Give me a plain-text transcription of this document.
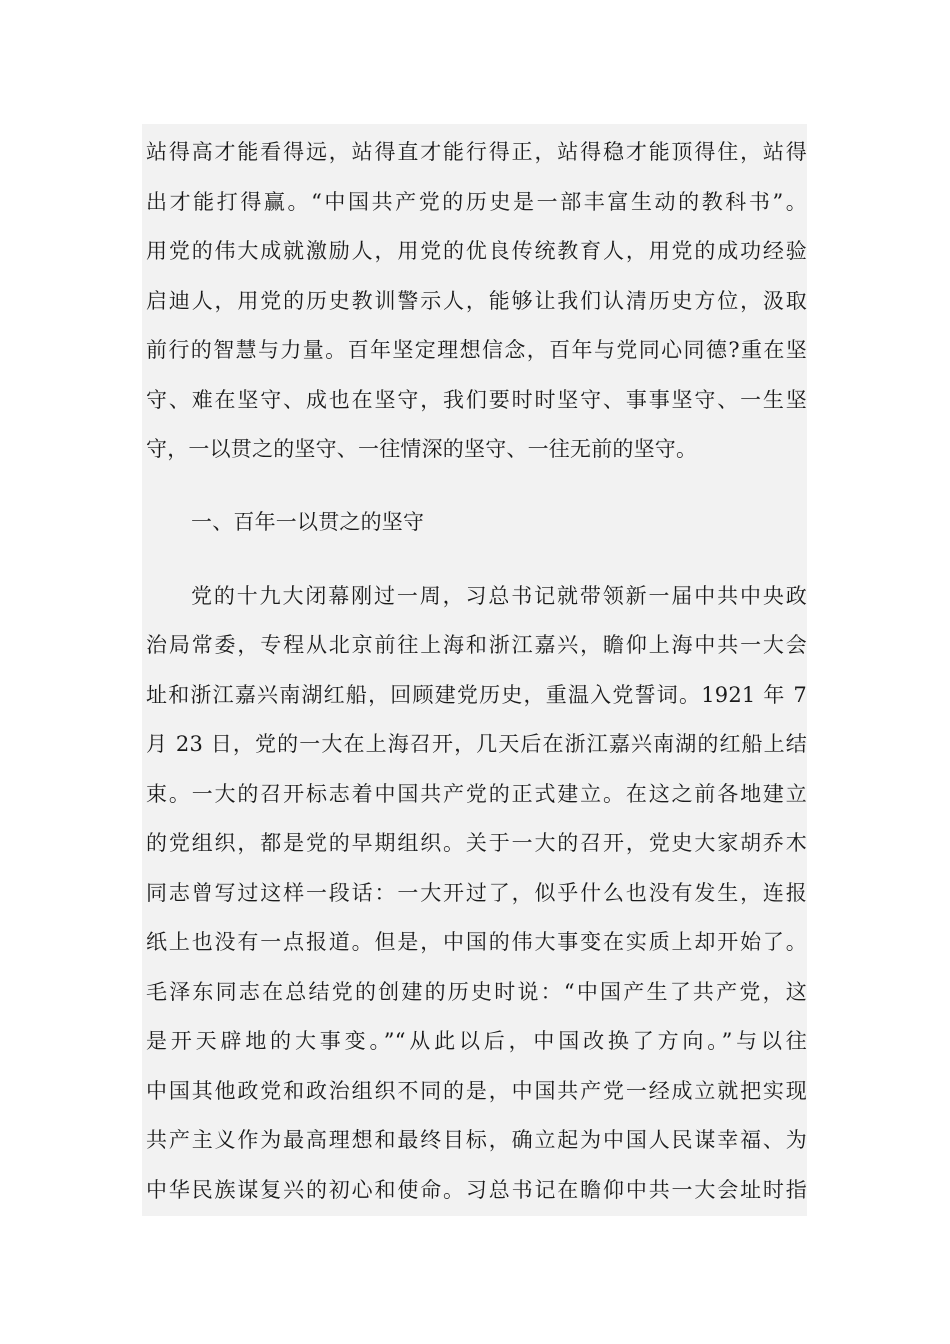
站得高才能看得远，站得直才能行得正，站得稳才能顶得住，站得
出才能打得赢。“中国共产党的历史是一部丰富生动的教科书”。
用党的伟大成就激励人，用党的优良传统教育人，用党的成功经验
启迪人，用党的历史教训警示人，能够让我们认清历史方位，汲取
前行的智慧与力量。百年坚定理想信念，百年与党同心同德?重在坚
守、难在坚守、成也在坚守，我们要时时坚守、事事坚守、一生坚
守，一以贯之的坚守、一往情深的坚守、一往无前的坚守。
一、百年一以贯之的坚守
党的十九大闭幕刚过一周，习总书记就带领新一届中共中央政
治局常委，专程从北京前往上海和浙江嘉兴，瞻仰上海中共一大会
址和浙江嘉兴南湖红船，回顾建党历史，重温入党誓词。1921 年 7
月 23 日，党的一大在上海召开，几天后在浙江嘉兴南湖的红船上结
束。一大的召开标志着中国共产党的正式建立。在这之前各地建立
的党组织，都是党的早期组织。关于一大的召开，党史大家胡乔木
同志曾写过这样一段话：一大开过了，似乎什么也没有发生，连报
纸上也没有一点报道。但是，中国的伟大事变在实质上却开始了。
毛泽东同志在总结党的创建的历史时说：“中国产生了共产党，这
是开天辟地的大事变。”“从此以后，中国改换了方向。”与以往
中国其他政党和政治组织不同的是，中国共产党一经成立就把实现
共产主义作为最高理想和最终目标，确立起为中国人民谋幸福、为
中华民族谋复兴的初心和使命。习总书记在瞻仰中共一大会址时指
